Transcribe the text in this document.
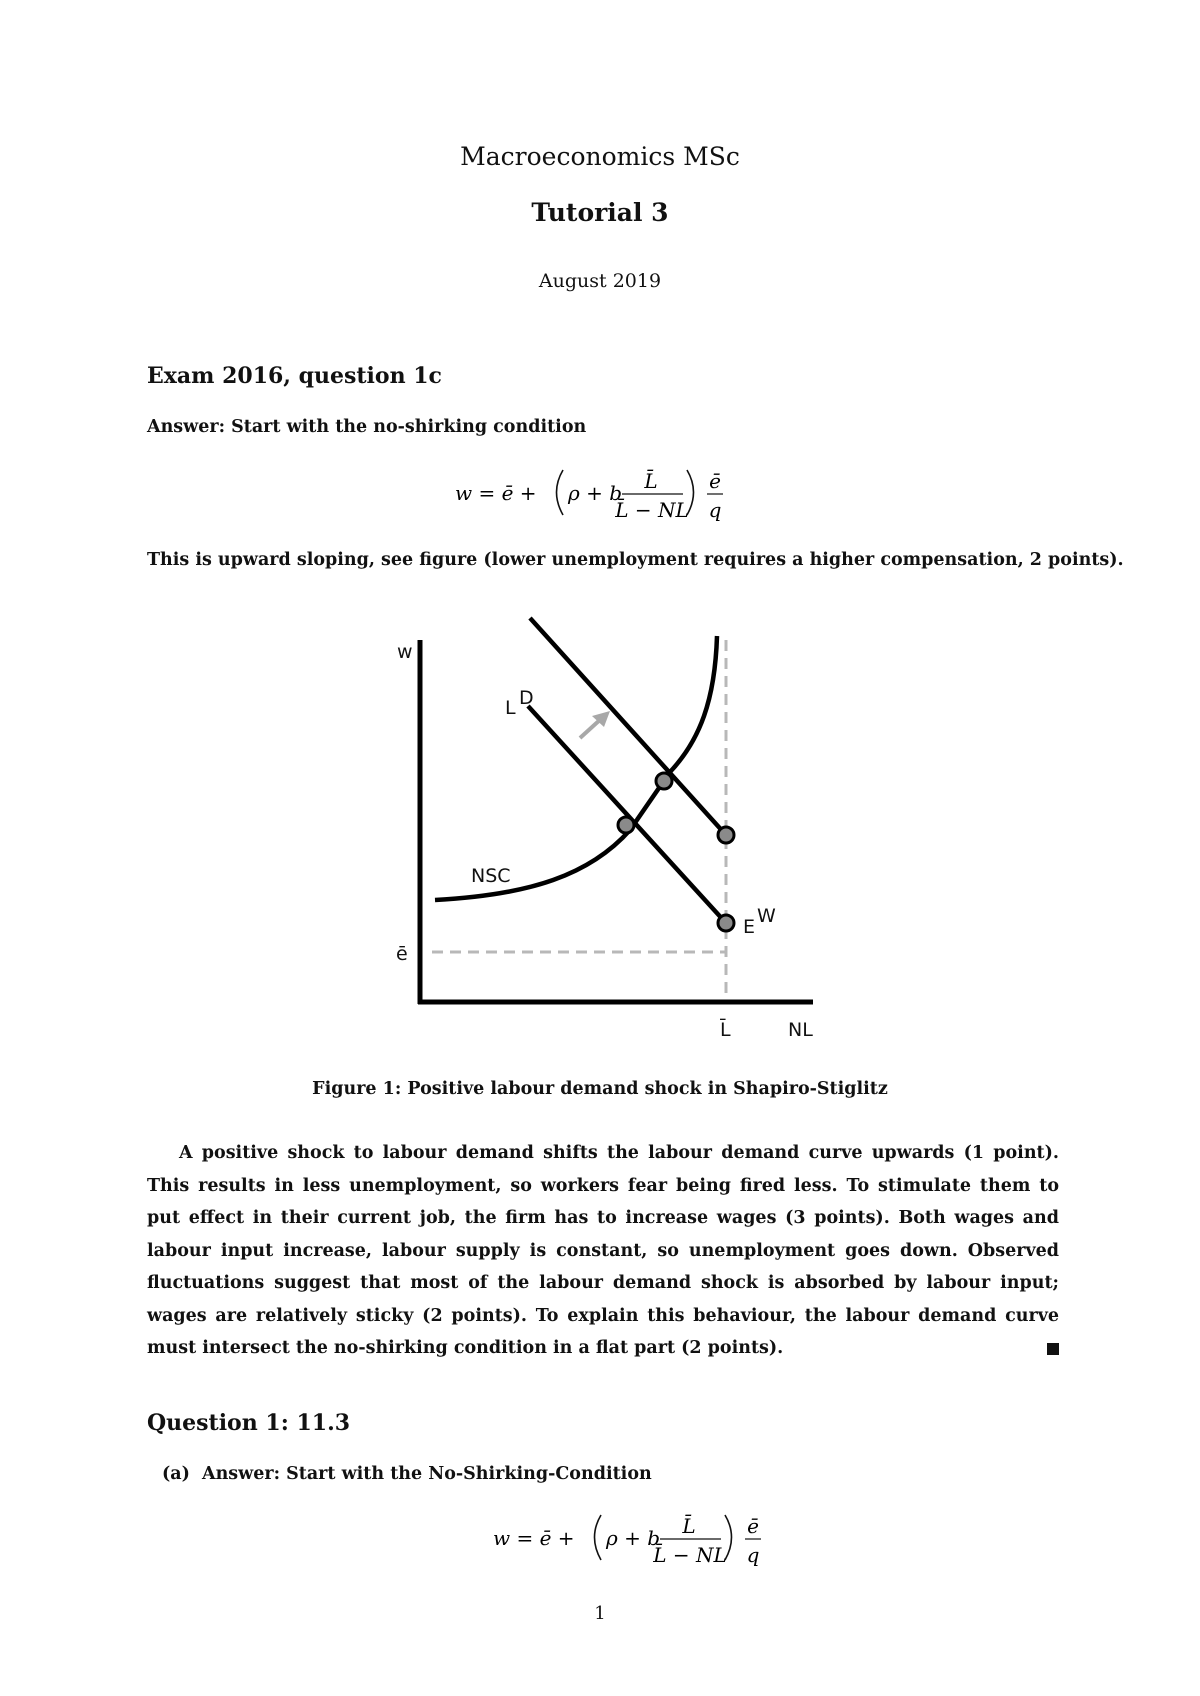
Macroeconomics MSc
Tutorial 3
August 2019
Exam 2016, question 1c
Answer: Start with the no-shirking condition
w = ē + ρ + b L̄
L̄ − NL
ē
q
This is upward sloping, see figure (lower unemployment requires a higher compensation, 2 points).
w
L D
NSC
E W
ē
L̄	NL
Figure 1: Positive labour demand shock in Shapiro-Stiglitz

A positive shock to labour demand shifts the labour demand curve upwards (1 point). This results in less unemployment, so workers fear being fired less. To stimulate them to put effect in their current job, the firm has to increase wages (3 points). Both wages and labour input increase, labour supply is constant, so unemployment goes down. Observed fluctuations suggest that most of the labour demand shock is absorbed by labour input; wages are relatively sticky (2 points). To explain this behaviour, the labour demand curve must intersect the no-shirking condition in a flat part (2 points).

Question 1: 11.3
(a) Answer: Start with the No-Shirking-Condition
w = ē + ρ + b L̄
L̄ − NL
ē
q
1
